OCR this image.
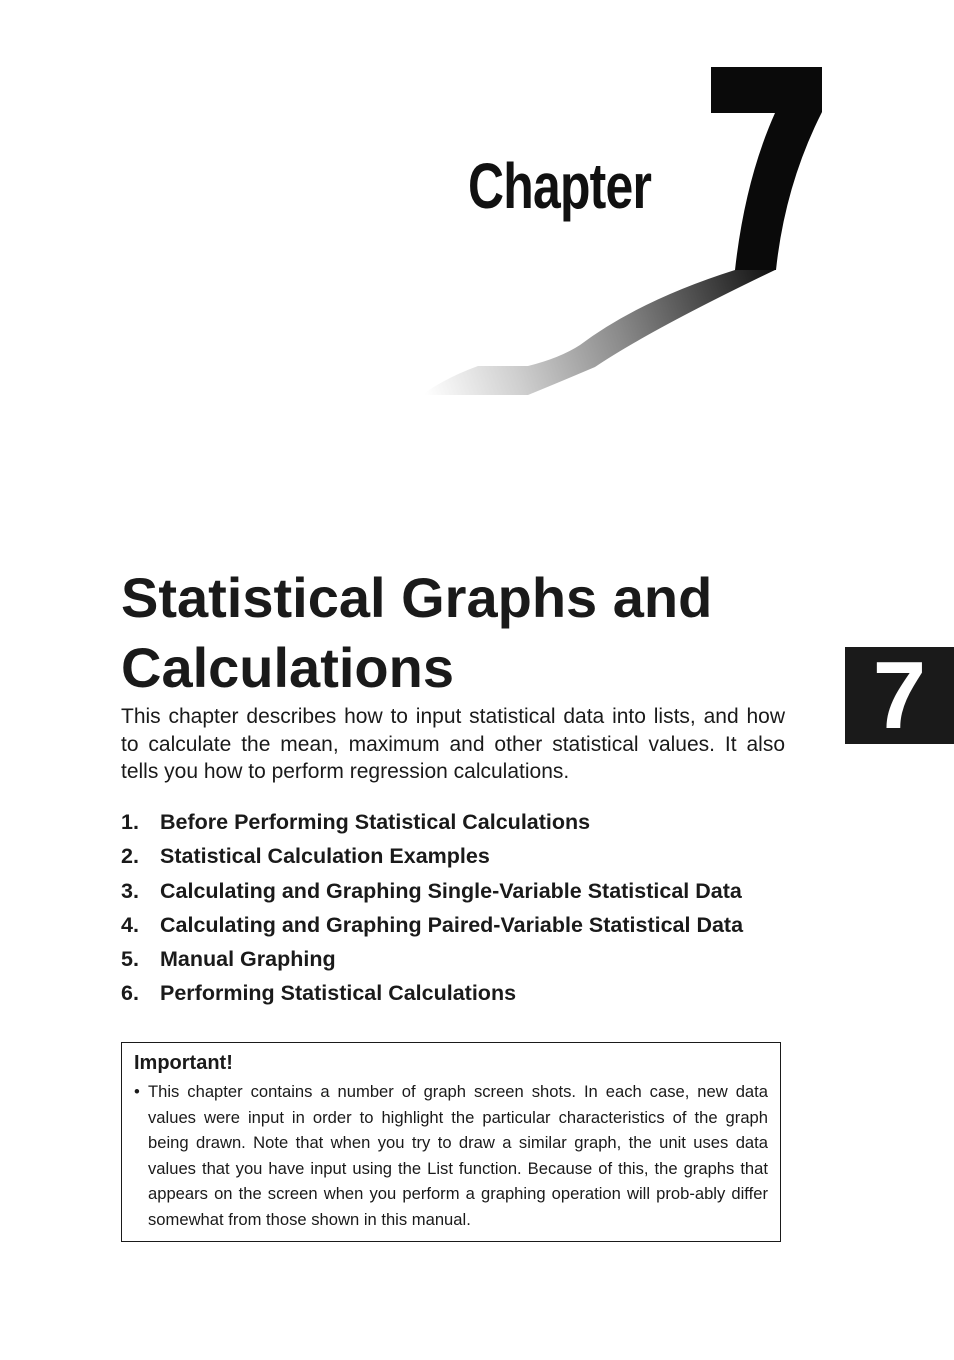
Chapter
7
Statistical Graphs and
Calculations

This chapter describes how to input statistical data into lists, and how to calculate the mean, maximum and other statistical values. It also tells you how to perform regression calculations.

1. Before Performing Statistical Calculations
2. Statistical Calculation Examples
3. Calculating and Graphing Single-Variable Statistical Data
4. Calculating and Graphing Paired-Variable Statistical Data
5. Manual Graphing
6. Performing Statistical Calculations

Important!

• This chapter contains a number of graph screen shots. In each case, new data values were input in order to highlight the particular characteristics of the graph being drawn. Note that when you try to draw a similar graph, the unit uses data values that you have input using the List function. Because of this, the graphs that appears on the screen when you perform a graphing operation will prob-ably differ somewhat from those shown in this manual.
